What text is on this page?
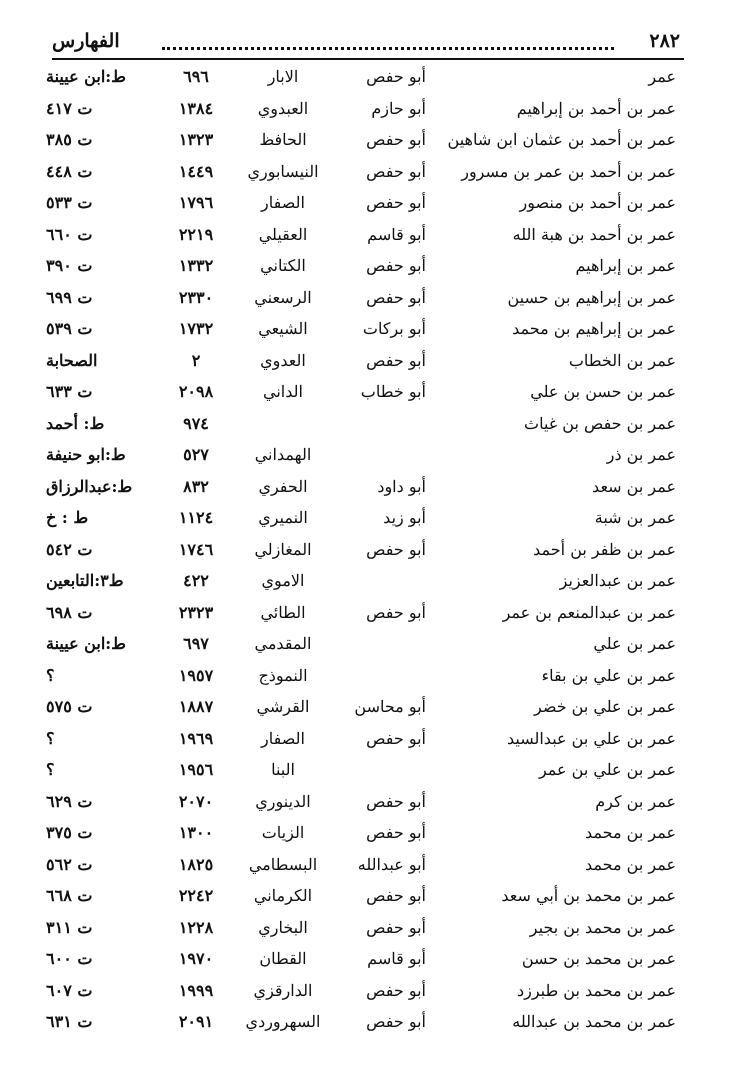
٢٨٢
الفهارس
عمر
أبو حفص
الابار
٦٩٦
ط:ابن عيينة
عمر بن أحمد بن إبراهيم
أبو حازم
العبدوي
١٣٨٤
ت ٤١٧
عمر بن أحمد بن عثمان ابن شاهين
أبو حفص
الحافظ
١٣٢٣
ت ٣٨٥
عمر بن أحمد بن عمر بن مسرور
أبو حفص
النيسابوري
١٤٤٩
ت ٤٤٨
عمر بن أحمد بن منصور
أبو حفص
الصفار
١٧٩٦
ت ٥٣٣
عمر بن أحمد بن هبة الله
أبو قاسم
العقيلي
٢٢١٩
ت ٦٦٠
عمر بن إبراهيم
أبو حفص
الكتاني
١٣٣٢
ت ٣٩٠
عمر بن إبراهيم بن حسين
أبو حفص
الرسعني
٢٣٣٠
ت ٦٩٩
عمر بن إبراهيم بن محمد
أبو بركات
الشيعي
١٧٣٢
ت ٥٣٩
عمر بن الخطاب
أبو حفص
العدوي
٢
الصحابة
عمر بن حسن بن علي
أبو خطاب
الداني
٢٠٩٨
ت ٦٣٣
عمر بن حفص بن غياث
٩٧٤
ط: أحمد
عمر بن ذر
الهمداني
٥٢٧
ط:ابو حنيفة
عمر بن سعد
أبو داود
الحفري
٨٣٢
ط:عبدالرزاق
عمر بن شبة
أبو زيد
النميري
١١٢٤
ط : خ
عمر بن ظفر بن أحمد
أبو حفص
المغازلي
١٧٤٦
ت ٥٤٢
عمر بن عبدالعزيز
الاموي
٤٢٢
ط٣:التابعين
عمر بن عبدالمنعم بن عمر
أبو حفص
الطائي
٢٣٢٣
ت ٦٩٨
عمر بن علي
المقدمي
٦٩٧
ط:ابن عيينة
عمر بن علي بن بقاء
النموذج
١٩٥٧
؟
عمر بن علي بن خضر
أبو محاسن
القرشي
١٨٨٧
ت ٥٧٥
عمر بن علي بن عبدالسيد
أبو حفص
الصفار
١٩٦٩
؟
عمر بن علي بن عمر
البنا
١٩٥٦
؟
عمر بن كرم
أبو حفص
الدينوري
٢٠٧٠
ت ٦٢٩
عمر بن محمد
أبو حفص
الزيات
١٣٠٠
ت ٣٧٥
عمر بن محمد
أبو عبدالله
البسطامي
١٨٢٥
ت ٥٦٢
عمر بن محمد بن أبي سعد
أبو حفص
الكرماني
٢٢٤٢
ت ٦٦٨
عمر بن محمد بن بجير
أبو حفص
البخاري
١٢٢٨
ت ٣١١
عمر بن محمد بن حسن
أبو قاسم
القطان
١٩٧٠
ت ٦٠٠
عمر بن محمد بن طبرزد
أبو حفص
الدارقزي
١٩٩٩
ت ٦٠٧
عمر بن محمد بن عبدالله
أبو حفص
السهروردي
٢٠٩١
ت ٦٣١
